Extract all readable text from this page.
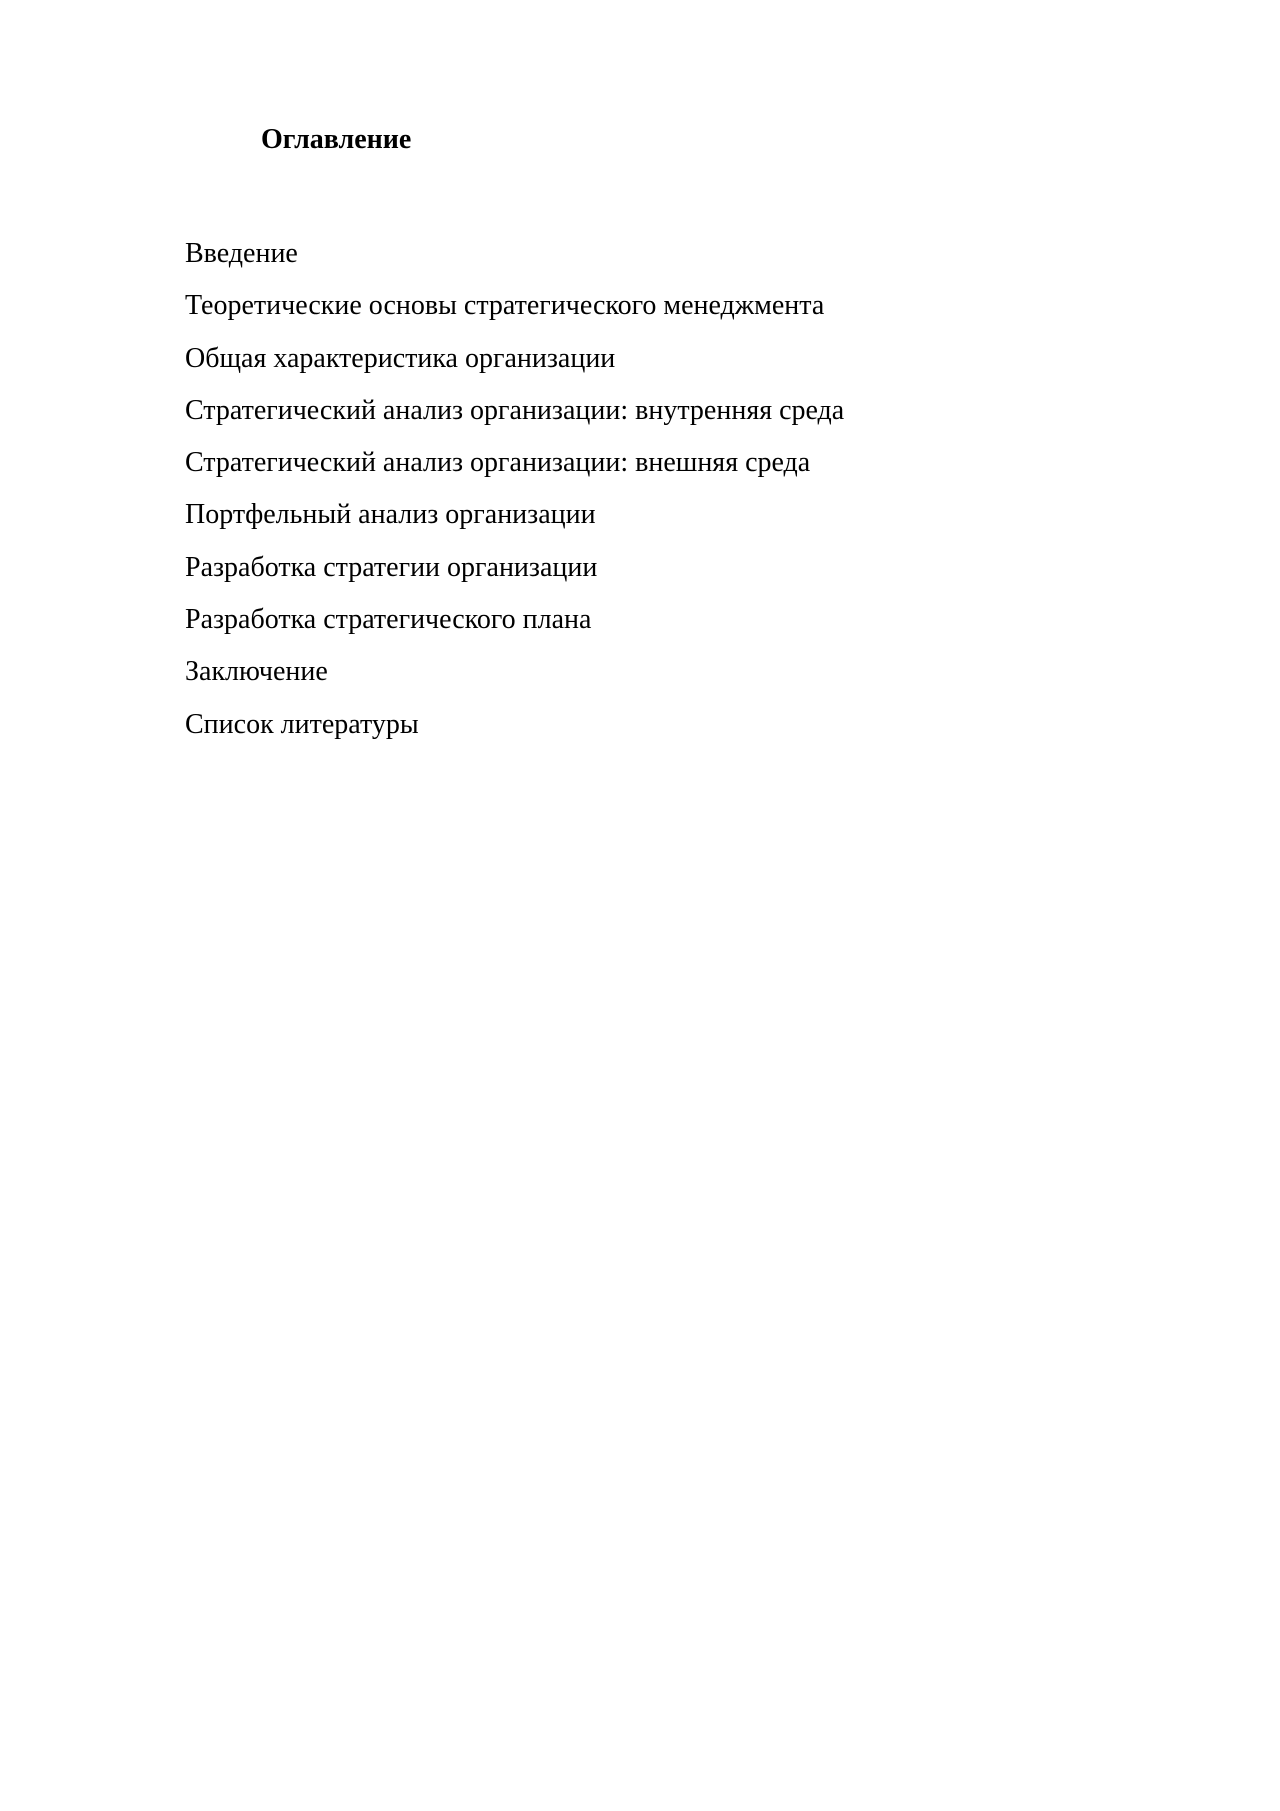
Оглавление
Введение
Теоретические основы стратегического менеджмента
Общая характеристика организации
Стратегический анализ организации: внутренняя среда
Стратегический анализ организации: внешняя среда
Портфельный анализ организации
Разработка стратегии организации
Разработка стратегического плана
Заключение
Список литературы
